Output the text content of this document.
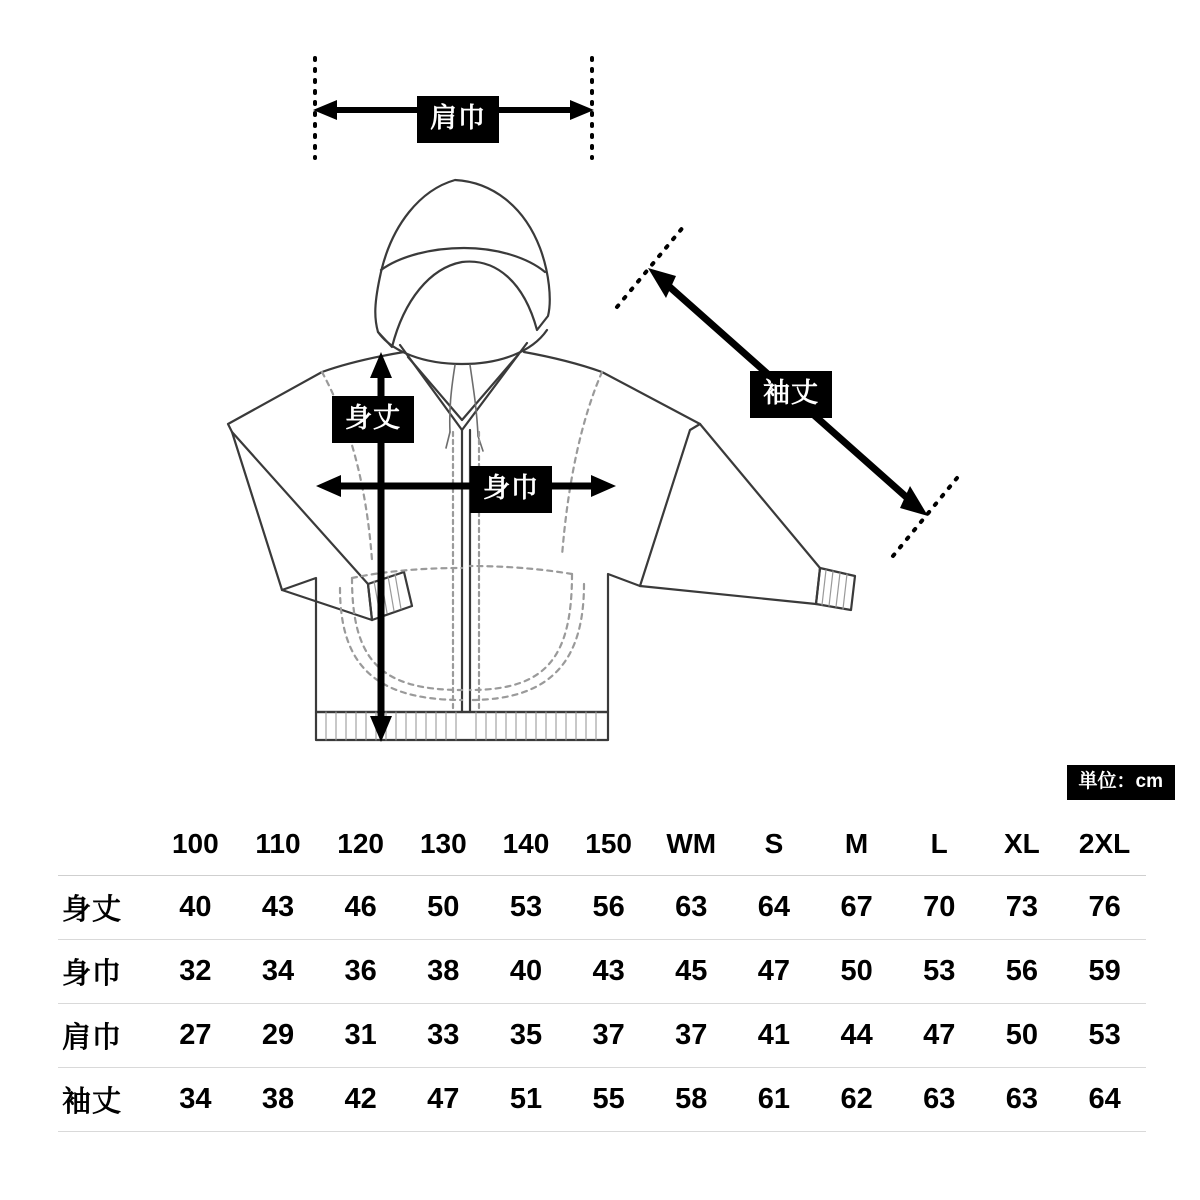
肩巾
袖丈
身丈
身巾
単位：cm
	100	110	120	130	140	150	WM	S	M	L	XL	2XL
身丈	40	43	46	50	53	56	63	64	67	70	73	76
身巾	32	34	36	38	40	43	45	47	50	53	56	59
肩巾	27	29	31	33	35	37	37	41	44	47	50	53
袖丈	34	38	42	47	51	55	58	61	62	63	63	64
